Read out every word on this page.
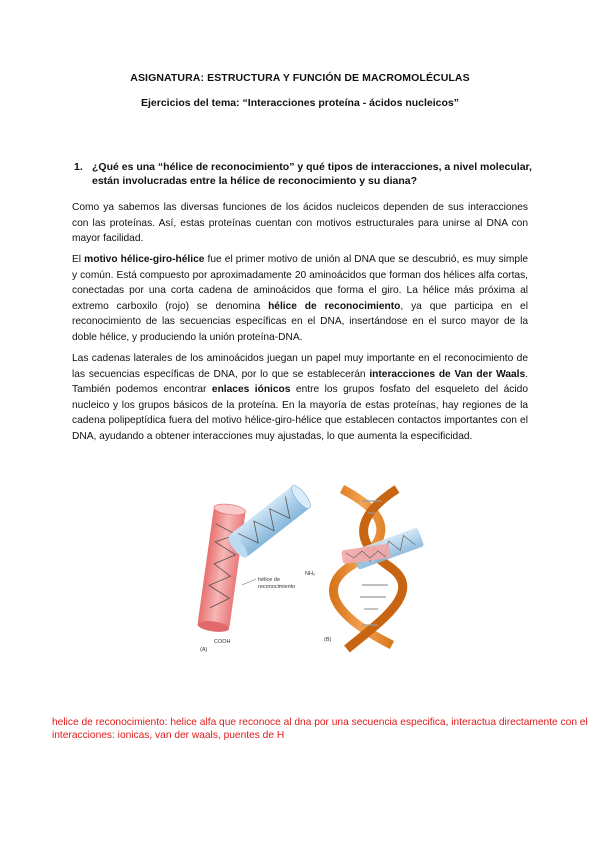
ASIGNATURA: ESTRUCTURA Y FUNCIÓN DE MACROMOLÉCULAS
Ejercicios del tema: “Interacciones proteína - ácidos nucleicos”
1. ¿Qué es una “hélice de reconocimiento” y qué tipos de interacciones, a nivel molecular, están involucradas entre la hélice de reconocimiento y su diana?
Como ya sabemos las diversas funciones de los ácidos nucleicos dependen de sus interacciones con las proteínas. Así, estas proteínas cuentan con motivos estructurales para unirse al DNA con mayor facilidad.
El motivo hélice-giro-hélice fue el primer motivo de unión al DNA que se descubrió, es muy simple y común. Está compuesto por aproximadamente 20 aminoácidos que forman dos hélices alfa cortas, conectadas por una corta cadena de aminoácidos que forma el giro. La hélice más próxima al extremo carboxilo (rojo) se denomina hélice de reconocimiento, ya que participa en el reconocimiento de las secuencias específicas en el DNA, insertándose en el surco mayor de la doble hélice, y produciendo la unión proteína-DNA.
Las cadenas laterales de los aminoácidos juegan un papel muy importante en el reconocimiento de las secuencias específicas de DNA, por lo que se establecerán interacciones de Van der Waals. También podemos encontrar enlaces iónicos entre los grupos fosfato del esqueleto del ácido nucleico y los grupos básicos de la proteína. En la mayoría de estas proteínas, hay regiones de la cadena polipeptídica fuera del motivo hélice-giro-hélice que establecen contactos importantes con el DNA, ayudando a obtener interacciones muy ajustadas, lo que aumenta la especificidad.
hélice de
reconocimiento
NH₂
COOH
(A)
(B)
helice de reconocimiento: helice alfa que reconoce al dna por una secuencia especifica, interactua directamente con el
interacciones: ionicas, van der waals, puentes de H
